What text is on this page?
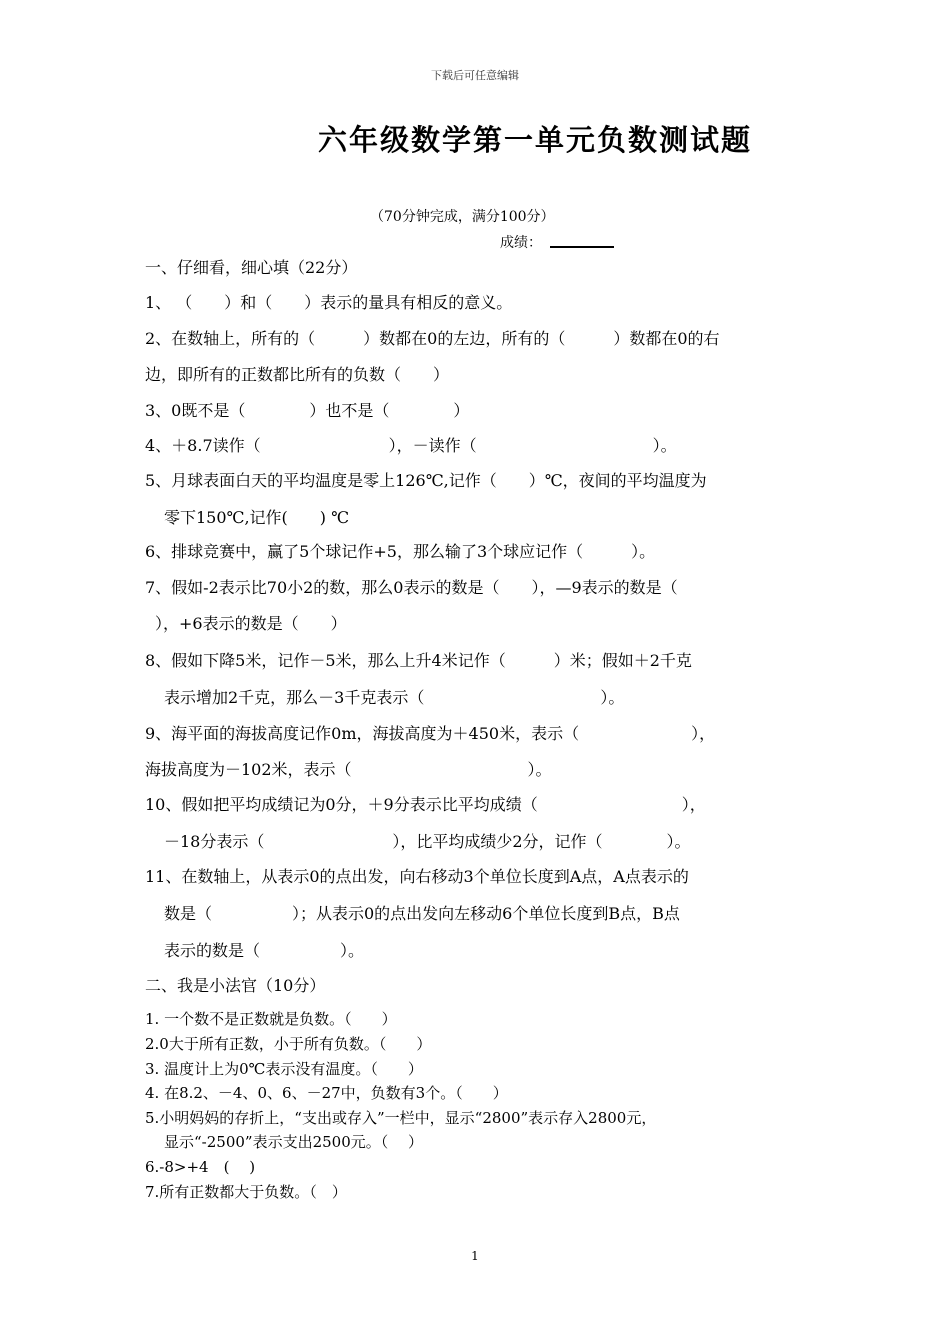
下载后可任意编辑
六年级数学第一单元负数测试题
（70分钟完成，满分100分）
成绩：
一、仔细看，细心填（22分）
1、 （　　）和（　　）表示的量具有相反的意义。
2、在数轴上，所有的（　　　）数都在0的左边，所有的（　　　）数都在0的右
边，即所有的正数都比所有的负数（　　）
3、0既不是（　　　　）也不是（　　　　）
4、＋8.7读作（　　　　　　　　），－读作（　　　　　　　　　　　）。
5、月球表面白天的平均温度是零上126℃,记作（　　）℃，夜间的平均温度为
零下150℃,记作(　　) ℃
6、排球竞赛中，赢了5个球记作+5，那么输了3个球应记作（　　　）。
7、假如-2表示比70小2的数，那么0表示的数是（　　），—9表示的数是（
），+6表示的数是（　　）
8、假如下降5米，记作－5米，那么上升4米记作（　　　）米；假如＋2千克
表示增加2千克，那么－3千克表示（　　　　　　　　　　　）。
9、海平面的海拔高度记作0m，海拔高度为＋450米，表示（　　　　　　　），
海拔高度为－102米，表示（　　　　　　　　　　　）。
10、假如把平均成绩记为0分，＋9分表示比平均成绩（　　　　　　　　　），
－18分表示（　　　　　　　　），比平均成绩少2分，记作（　　　　）。
11、在数轴上，从表示0的点出发，向右移动3个单位长度到A点，A点表示的
数是（　　　　　）；从表示0的点出发向左移动6个单位长度到B点，B点
表示的数是（　　　　　）。
二、我是小法官（10分）
1. 一个数不是正数就是负数。（　　）
2.0大于所有正数，小于所有负数。（　　）
3. 温度计上为0℃表示没有温度。（　　）
4. 在8.2、－4、0、6、－27中，负数有3个。（　　）
5.小明妈妈的存折上，“支出或存入”一栏中，显示“2800”表示存入2800元，
显示“-2500”表示支出2500元。（　 ）
6.-8>+4　(　 )
7.所有正数都大于负数。（　）
1
